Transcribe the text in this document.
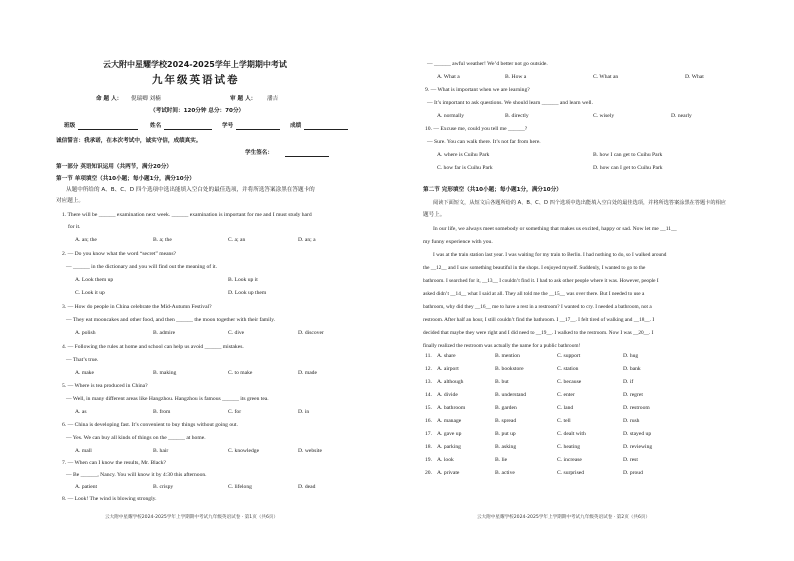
云大附中星耀学校2024-2025学年上学期期中考试
九年级英语试卷
命 题 人： 倪瑞卿 刘楠	审 题 人： 潘吉
（考试时间：120分钟 总分：70分）
班级	姓名	学号	成绩
诚信誓言：我承诺，在本次考试中，诚实守信，成绩真实。
学生签名：
第一部分 英语知识运用（共两节，满分20分）
第一节 单项填空（共10小题；每小题1分，满分10分）
从题中所给的 A、B、C、D 四个选项中选出能填入空白处的最佳选项，并将所选答案涂黑在答题卡的
对应题上。
1. There will be ______ examination next week. ______ examination is important for me and I must study hard
for it.
A. an; the	B. a; the	C. a; an	D. an; a
2. — Do you know what the word “secret” means?
— ______ in the dictionary and you will find out the meaning of it.
A. Look them up	B. Look up it
C. Look it up	D. Look up them
3. — How do people in China celebrate the Mid-Autumn Festival?
— They eat mooncakes and other food, and then ______ the moon together with their family.
A. polish	B. admire	C. dive	D. discover
4. — Following the rules at home and school can help us avoid ______ mistakes.
— That’s true.
A. make	B. making	C. to make	D. made
5. — Where is tea produced in China?
— Well, in many different areas like Hangzhou. Hangzhou is famous ______ its green tea.
A. as	B. from	C. for	D. in
6. — China is developing fast. It’s convenient to buy things without going out.
— Yes. We can buy all kinds of things on the ______ at home.
A. mall	B. hair	C. knowledge	D. website
7. — When can I know the results, Mr. Black?
— Be ______, Nancy. You will know it by 4:30 this afternoon.
A. patient	B. crispy	C. lifelong	D. dead
8. — Look! The wind is blowing strongly.
云大附中星耀学校2024-2025学年上学期期中考试九年级英语试卷 · 第1页（共6页）
— ______ awful weather! We’d better not go outside.
A. What a	B. How a	C. What an	D. What
9. — What is important when we are learning?
— It’s important to ask questions. We should learn ______ and learn well.
A. normally	B. directly	C. wisely	D. nearly
10. — Excuse me, could you tell me ______?
— Sure. You can walk there. It’s not far from here.
A. where is Cuihu Park	B. how I can get to Cuihu Park
C. how far is Cuihu Park	D. how can I get to Cuihu Park
第二节 完形填空（共10小题；每小题1分，满分10分）
阅读下面短文，从短文后各题所给的 A、B、C、D 四个选项中选出能填入空白处的最佳选项，并将所选答案涂黑在答题卡的相应
题号上。
In our life, we always meet somebody or something that makes us excited, happy or sad. Now let me __11__
my funny experience with you.
I was at the train station last year. I was waiting for my train to Berlin. I had nothing to do, so I walked around
the __12__ and I saw something beautiful in the shops. I enjoyed myself. Suddenly, I wanted to go to the
bathroom. I searched for it, __13__ I couldn’t find it. I had to ask other people where it was. However, people I
asked didn’t __14__ what I said at all. They all told me the __15__ was over there. But I needed to use a
bathroom, why did they __16__ me to have a rest in a restroom? I wanted to cry. I needed a bathroom, not a
restroom. After half an hour, I still couldn’t find the bathroom. I __17__. I felt tired of walking and __18__. I
decided that maybe they were right and I did need to __19__. I walked to the restroom. Now I was __20__. I
finally realized the restroom was actually the name for a public bathroom!
11. A. share	B. mention	C. support	D. hug
12. A. airport	B. bookstore	C. station	D. bank
13. A. although	B. but	C. because	D. if
14. A. divide	B. understand	C. enter	D. regret
15. A. bathroom	B. garden	C. land	D. restroom
16. A. manage	B. spread	C. tell	D. rush
17. A. gave up	B. put up	C. dealt with	D. stayed up
18. A. parking	B. asking	C. heating	D. reviewing
19. A. look	B. lie	C. increase	D. rest
20. A. private	B. active	C. surprised	D. proud
云大附中星耀学校2024-2025学年上学期期中考试九年级英语试卷 · 第2页（共6页）
